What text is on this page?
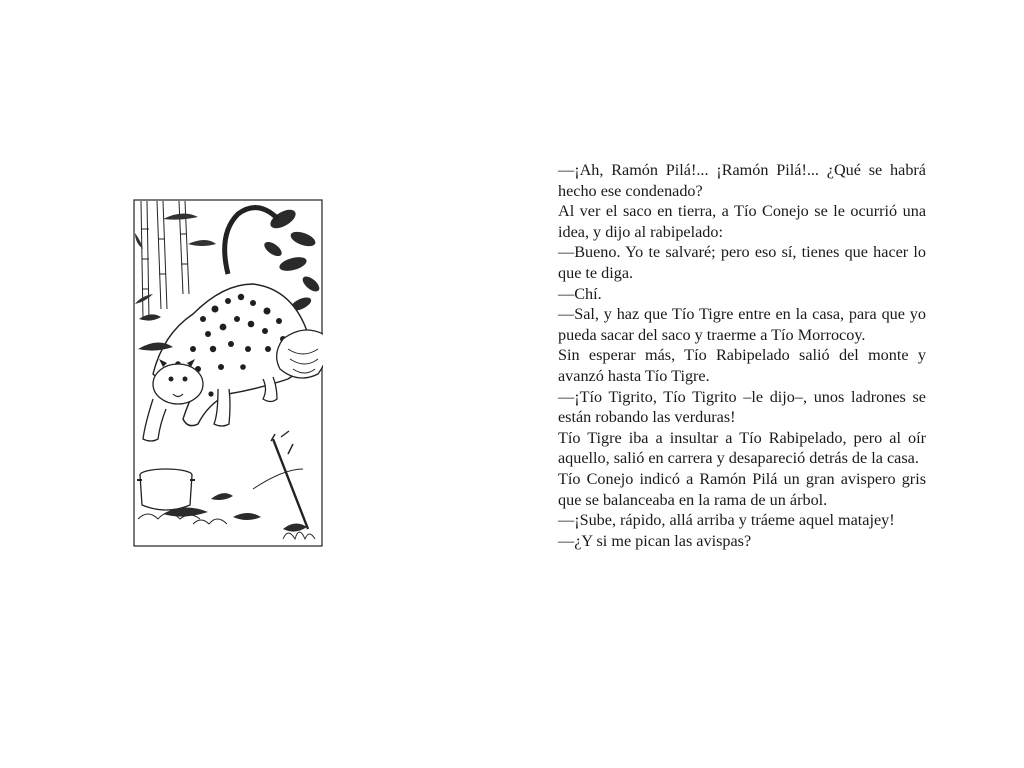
—¡Ah, Ramón Pilá!... ¡Ramón Pilá!... ¿Qué se habrá hecho ese condenado?

Al ver el saco en tierra, a Tío Conejo se le ocurrió una idea, y dijo al rabipelado:

—Bueno. Yo te salvaré; pero eso sí, tienes que hacer lo que te diga.

—Chí.

—Sal, y haz que Tío Tigre entre en la casa, para que yo pueda sacar del saco y traerme a Tío Morrocoy.

Sin esperar más, Tío Rabipelado salió del monte y avanzó hasta Tío Tigre.

—¡Tío Tigrito, Tío Tigrito –le dijo–, unos ladrones se están robando las verduras!

Tío Tigre iba a insultar a Tío Rabipelado, pero al oír aquello, salió en carrera y desapareció detrás de la casa.

Tío Conejo indicó a Ramón Pilá un gran avispero gris que se balanceaba en la rama de un árbol.

—¡Sube, rápido, allá arriba y tráeme aquel matajey!

—¿Y si me pican las avispas?
